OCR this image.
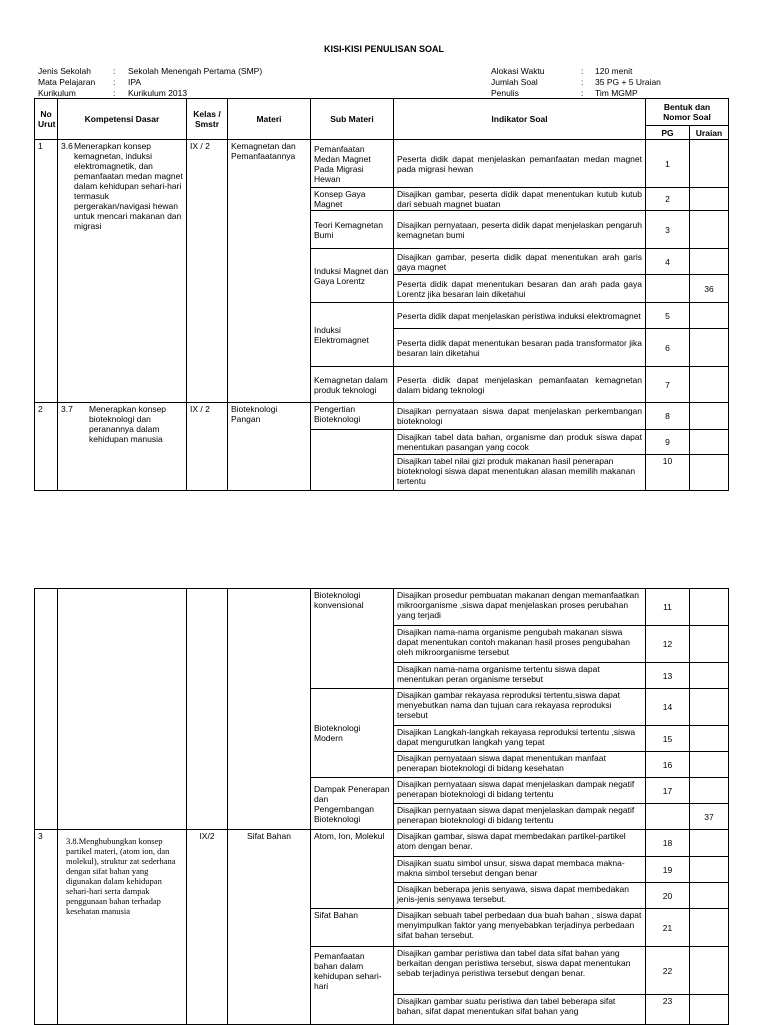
KISI-KISI PENULISAN SOAL
Jenis Sekolah	:	Sekolah Menengah Pertama (SMP)
Mata Pelajaran	:	IPA
Kurikulum	:	Kurikulum 2013
Alokasi Waktu	:	120 menit
Jumlah Soal	:	35 PG + 5 Uraian
Penulis	:	Tim MGMP
No Urut	Kompetensi Dasar	Kelas / Smstr	Materi	Sub Materi	Indikator Soal	Bentuk dan Nomor Soal	
						PG	Uraian
1	3.6 Menerapkan konsep kemagnetan, induksi elektromagnetik, dan pemanfaatan medan magnet dalam kehidupan sehari-hari termasuk pergerakan/navigasi hewan untuk mencari makanan dan migrasi	IX / 2	Kemagnetan dan Pemanfaatannya	Pemanfaatan Medan Magnet Pada Migrasi Hewan	Peserta didik dapat menjelaskan pemanfaatan medan magnet pada migrasi hewan	1	
				Konsep Gaya Magnet	Disajikan gambar, peserta didik dapat menentukan kutub kutub dari sebuah magnet buatan	2	
				Teori Kemagnetan Bumi	Disajikan pernyataan, peserta didik dapat menjelaskan pengaruh kemagnetan bumi	3	
				Induksi Magnet dan Gaya Lorentz	Disajikan gambar, peserta didik dapat menentukan arah garis gaya magnet	4	
					Peserta didik dapat menentukan besaran dan arah pada gaya Lorentz jika besaran lain diketahui		36
				Induksi Elektromagnet	Peserta didik dapat menjelaskan peristiwa induksi elektromagnet	5	
					Peserta didik dapat menentukan besaran pada transformator jika besaran lain diketahui	6	
				Kemagnetan dalam produk teknologi	Peserta didik dapat menjelaskan pemanfaatan kemagnetan dalam bidang teknologi	7	
2	3.7 Menerapkan konsep bioteknologi dan peranannya dalam kehidupan manusia	IX / 2	Bioteknologi Pangan	Pengertian Bioteknologi	Disajikan pernyataan siswa dapat menjelaskan perkembangan bioteknologi	8	
					Disajikan tabel data bahan, organisme dan produk siswa dapat menentukan pasangan yang cocok	9	
					Disajikan tabel nilai gizi produk makanan hasil penerapan bioteknologi siswa dapat menentukan alasan memilih makanan tertentu	10	
				Bioteknologi konvensional	Disajikan prosedur pembuatan makanan dengan memanfaatkan mikroorganisme ,siswa dapat menjelaskan proses perubahan yang terjadi	11	
					Disajikan nama-nama organisme pengubah makanan siswa dapat menentukan contoh makanan hasil proses pengubahan oleh mikroorganisme tersebut	12	
					Disajikan nama-nama organisme tertentu siswa dapat menentukan peran organisme tersebut	13	
				Bioteknologi Modern	Disajikan gambar rekayasa reproduksi tertentu,siswa dapat menyebutkan nama dan tujuan cara rekayasa reproduksi tersebut	14	
					Disajikan Langkah-langkah rekayasa reproduksi tertentu ,siswa dapat mengurutkan langkah yang tepat	15	
					Disajikan pernyataan siswa dapat menentukan manfaat penerapan bioteknologi di bidang kesehatan	16	
				Dampak Penerapan dan Pengembangan Bioteknologi	Disajikan pernyataan siswa dapat menjelaskan dampak negatif penerapan bioteknologi di bidang tertentu	17	
					Disajikan pernyataan siswa dapat menjelaskan dampak negatif penerapan bioteknologi di bidang tertentu		37
3	3.8.Menghubungkan konsep partikel materi, (atom ion, dan molekul), struktur zat sederhana dengan sifat bahan yang digunakan dalam kehidupan sehari-hari serta dampak penggunaan bahan terhadap kesehatan manusia	IX/2	Sifat Bahan	Atom, Ion, Molekul	Disajikan gambar, siswa dapat membedakan partikel-partikel atom dengan benar.	18	
					Disajikan suatu simbol unsur, siswa dapat membaca makna-makna simbol tersebut dengan benar	19	
					Disajikan beberapa jenis senyawa, siswa dapat membedakan jenis-jenis senyawa tersebut.	20	
				Sifat Bahan	Disajikan sebuah tabel perbedaan dua buah bahan , siswa dapat menyimpulkan faktor yang menyebabkan terjadinya perbedaan sifat bahan tersebut.	21	
				Pemanfaatan bahan dalam kehidupan sehari-hari	Disajikan gambar peristiwa dan tabel data sifat bahan yang berkaitan dengan peristiwa tersebut, siswa dapat menentukan sebab terjadinya peristiwa tersebut dengan benar.	22	
					Disajikan gambar suatu peristiwa dan tabel beberapa sifat bahan, sifat dapat menentukan sifat bahan yang	23	
